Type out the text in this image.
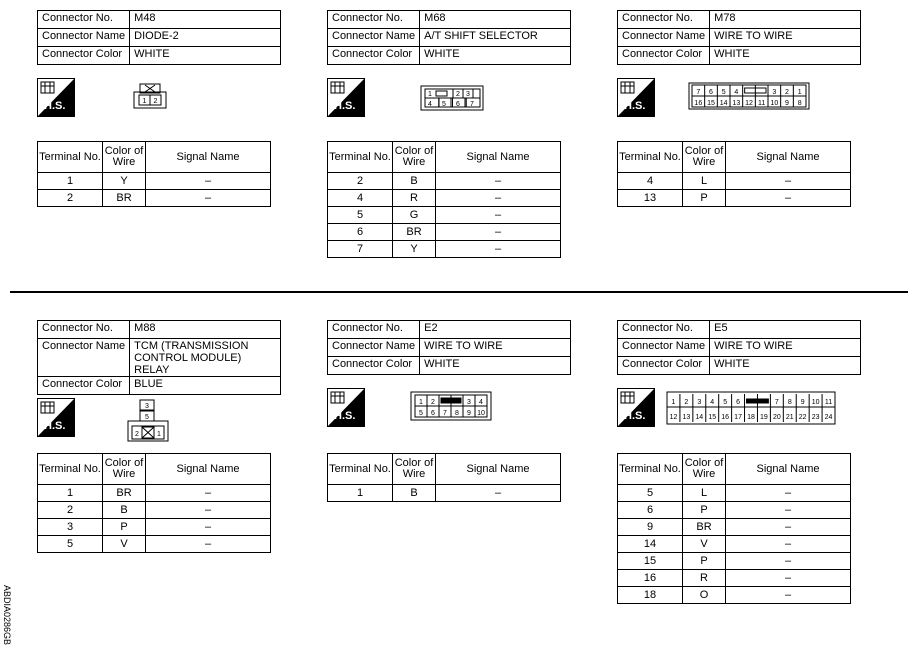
ABDIA0286GB
Connector No.	M48
Connector Name	DIODE-2
Connector Color	WHITE
H.S.	1 2
Terminal No.	Color of
Wire	Signal Name
1	Y	–
2	BR	–
Connector No.	M68
Connector Name	A/T SHIFT SELECTOR
Connector Color	WHITE
H.S.
1	2 3
4 5 6 7
Terminal No.	Color of
Wire	Signal Name
2	B	–
4	R	–
5	G	–
6	BR	–
7	Y	–
Connector No.	M78
Connector Name	WIRE TO WIRE
Connector Color	WHITE
H.S.
7 6 5 4	3 2 1
16 15 14 13 12 11 10 9 8
Terminal No.	Color of
Wire	Signal Name
4	L	–
13	P	–
Connector No.	M88
Connector Name	TCM (TRANSMISSION CONTROL MODULE) RELAY
Connector Color	BLUE
H.S.
3
5
2	1
Terminal No.	Color of
Wire	Signal Name
1	BR	–
2	B	–
3	P	–
5	V	–
Connector No.	E2
Connector Name	WIRE TO WIRE
Connector Color	WHITE
H.S.
1 2	3 4
5 6 7 8 9 10
Terminal No.	Color of
Wire	Signal Name
1	B	–
Connector No.	E5
Connector Name	WIRE TO WIRE
Connector Color	WHITE
H.S.
1 2 3 4 5 6	7 8 9 10 11
12 13 14 15 16 17 18 19 20 21 22 23 24
Terminal No.	Color of
Wire	Signal Name
5	L	–
6	P	–
9	BR	–
14	V	–
15	P	–
16	R	–
18	O	–
